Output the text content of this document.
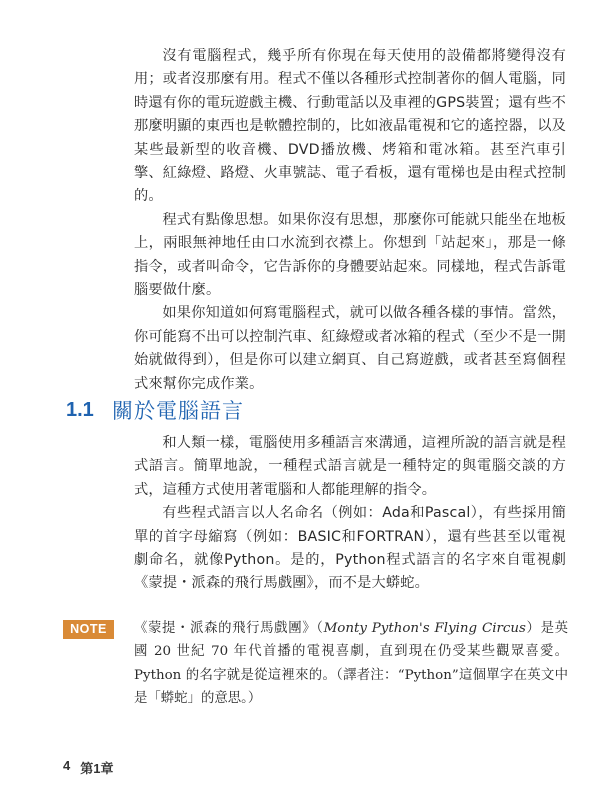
沒有電腦程式，幾乎所有你現在每天使用的設備都將變得沒有用；或者沒那麼有用。程式不僅以各種形式控制著你的個人電腦，同時還有你的電玩遊戲主機、行動電話以及車裡的GPS裝置；還有些不那麼明顯的東西也是軟體控制的，比如液晶電視和它的遙控器，以及某些最新型的收音機、DVD播放機、烤箱和電冰箱。甚至汽車引擎、紅綠燈、路燈、火車號誌、電子看板，還有電梯也是由程式控制的。

程式有點像思想。如果你沒有思想，那麼你可能就只能坐在地板上，兩眼無神地任由口水流到衣襟上。你想到「站起來」，那是一條指令，或者叫命令，它告訴你的身體要站起來。同樣地，程式告訴電腦要做什麼。

如果你知道如何寫電腦程式，就可以做各種各樣的事情。當然，你可能寫不出可以控制汽車、紅綠燈或者冰箱的程式（至少不是一開始就做得到），但是你可以建立網頁、自己寫遊戲，或者甚至寫個程式來幫你完成作業。

1.1 關於電腦語言

和人類一樣，電腦使用多種語言來溝通，這裡所說的語言就是程式語言。簡單地說，一種程式語言就是一種特定的與電腦交談的方式，這種方式使用著電腦和人都能理解的指令。

有些程式語言以人名命名（例如：Ada和Pascal），有些採用簡單的首字母縮寫（例如：BASIC和FORTRAN），還有些甚至以電視劇命名，就像Python。是的，Python程式語言的名字來自電視劇《蒙提・派森的飛行馬戲團》，而不是大蟒蛇。

NOTE	《蒙提・派森的飛行馬戲團》（Monty Python's Flying Circus）是英國 20 世紀 70 年代首播的電視喜劇，直到現在仍受某些觀眾喜愛。Python 的名字就是從這裡來的。（譯者注：“Python”這個單字在英文中是「蟒蛇」的意思。）

4 第1章
